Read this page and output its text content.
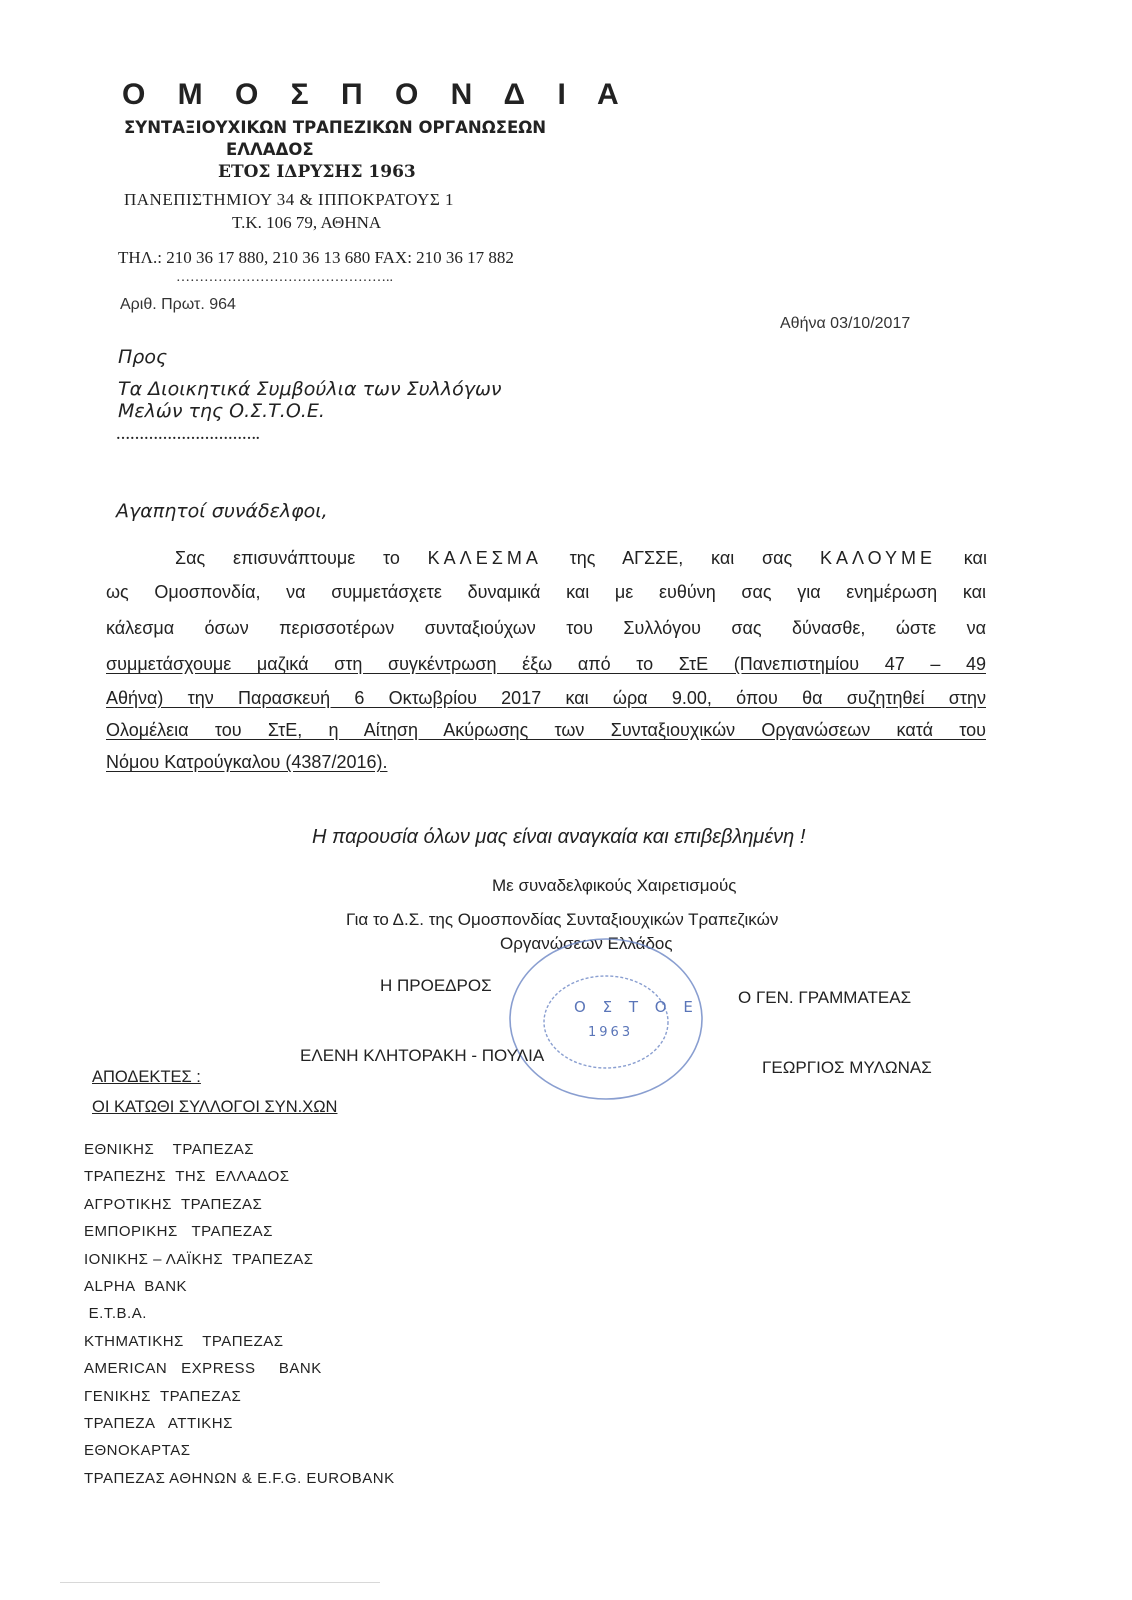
Ο Μ Ο Σ Π Ο Ν Δ Ι Α
ΣΥΝΤΑΞΙΟΥΧΙΚΩΝ ΤΡΑΠΕΖΙΚΩΝ ΟΡΓΑΝΩΣΕΩΝ
ΕΛΛΑΔΟΣ
ΕΤΟΣ ΙΔΡΥΣΗΣ 1963
ΠΑΝΕΠΙΣΤΗΜΙΟΥ 34 & ΙΠΠΟΚΡΑΤΟΥΣ 1
Τ.Κ. 106 79, ΑΘΗΝΑ
ΤΗΛ.: 210 36 17 880, 210 36 13 680 FAX: 210 36 17 882
………………………………………..
Αριθ. Πρωτ. 964
Αθήνα 03/10/2017
Προς
Τα Διοικητικά Συμβούλια των Συλλόγων
Μελών της Ο.Σ.Τ.Ο.Ε.
………………………….
Αγαπητοί συνάδελφοι,
Σας επισυνάπτουμε το ΚΑΛΕΣΜΑ της ΑΓΣΣΕ, και σας ΚΑΛΟΥΜΕ και
ως Ομοσπονδία, να συμμετάσχετε δυναμικά και με ευθύνη σας για ενημέρωση και
κάλεσμα όσων περισσοτέρων συνταξιούχων του Συλλόγου σας δύνασθε, ώστε να
συμμετάσχουμε μαζικά στη συγκέντρωση έξω από το ΣτΕ (Πανεπιστημίου 47 – 49
Αθήνα) την Παρασκευή 6 Οκτωβρίου 2017 και ώρα 9.00, όπου θα συζητηθεί στην
Ολομέλεια του ΣτΕ, η Αίτηση Ακύρωσης των Συνταξιουχικών Οργανώσεων κατά του
Νόμου Κατρούγκαλου (4387/2016).
Η παρουσία όλων μας είναι αναγκαία και επιβεβλημένη !
Με συναδελφικούς Χαιρετισμούς
Για το Δ.Σ. της Ομοσπονδίας Συνταξιουχικών Τραπεζικών
Οργανώσεων Ελλάδος
Ο Σ Τ Ο Ε
1963
Η ΠΡΟΕΔΡΟΣ
Ο ΓΕΝ. ΓΡΑΜΜΑΤΕΑΣ
ΕΛΕΝΗ ΚΛΗΤΟΡΑΚΗ - ΠΟΥΛΙΑ
ΓΕΩΡΓΙΟΣ ΜΥΛΩΝΑΣ
ΑΠΟΔΕΚΤΕΣ :
ΟΙ ΚΑΤΩΘΙ ΣΥΛΛΟΓΟΙ ΣΥΝ.ΧΩΝ
ΕΘΝΙΚΗΣ    ΤΡΑΠΕΖΑΣ
ΤΡΑΠΕΖΗΣ  ΤΗΣ  ΕΛΛΑΔΟΣ
ΑΓΡΟΤΙΚΗΣ  ΤΡΑΠΕΖΑΣ
ΕΜΠΟΡΙΚΗΣ   ΤΡΑΠΕΖΑΣ
ΙΟΝΙΚΗΣ – ΛΑΪΚΗΣ  ΤΡΑΠΕΖΑΣ
ALPHA  BANK
Ε.Τ.Β.Α.
ΚΤΗΜΑΤΙΚΗΣ    ΤΡΑΠΕΖΑΣ
AMERICAN   EXPRESS     BANK
ΓΕΝΙΚΗΣ  ΤΡΑΠΕΖΑΣ
ΤΡΑΠΕΖΑ   ΑΤΤΙΚΗΣ
ΕΘΝΟΚΑΡΤΑΣ
ΤΡΑΠΕΖΑΣ ΑΘΗΝΩΝ & E.F.G. EUROBANK
